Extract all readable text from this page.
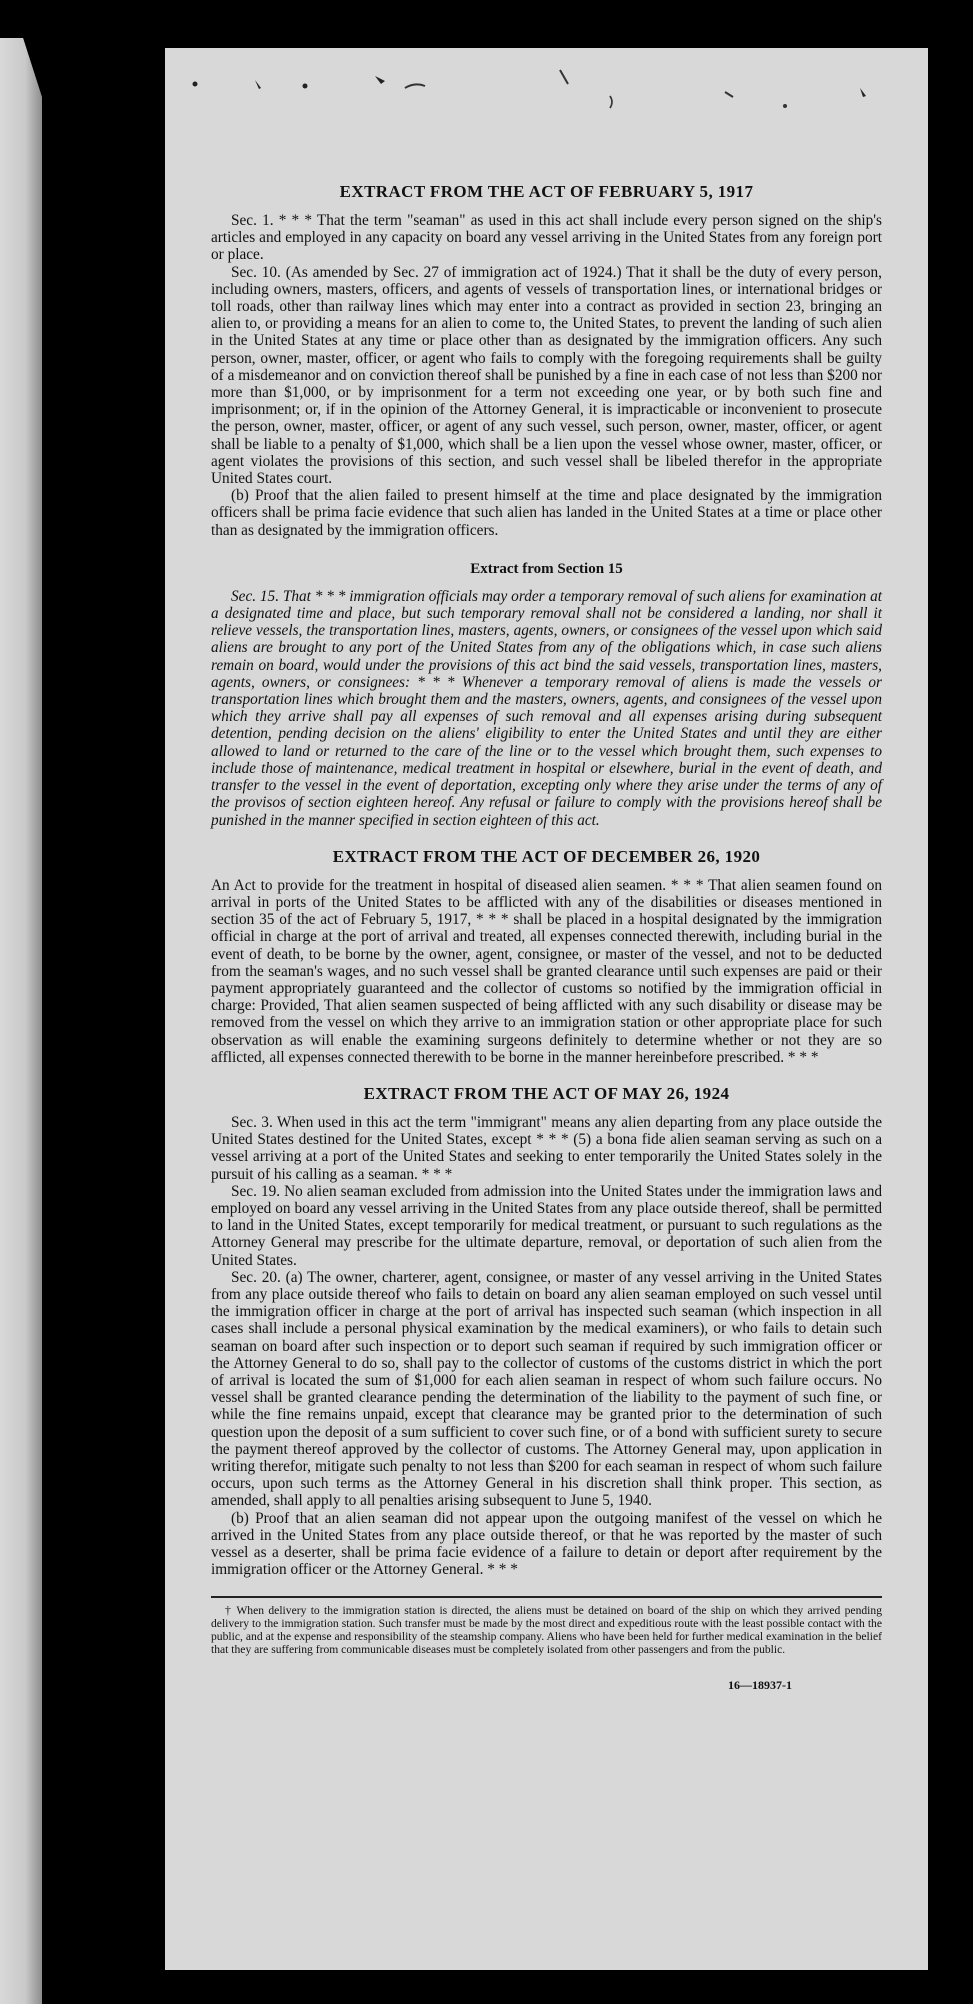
EXTRACT FROM THE ACT OF FEBRUARY 5, 1917

Sec. 1. * * * That the term "seaman" as used in this act shall include every person signed on the ship's articles and employed in any capacity on board any vessel arriving in the United States from any foreign port or place.

Sec. 10. (As amended by Sec. 27 of immigration act of 1924.) That it shall be the duty of every person, including owners, masters, officers, and agents of vessels of transportation lines, or international bridges or toll roads, other than railway lines which may enter into a contract as provided in section 23, bringing an alien to, or providing a means for an alien to come to, the United States, to prevent the landing of such alien in the United States at any time or place other than as designated by the immigration officers. Any such person, owner, master, officer, or agent who fails to comply with the foregoing requirements shall be guilty of a misdemeanor and on conviction thereof shall be punished by a fine in each case of not less than $200 nor more than $1,000, or by imprisonment for a term not exceeding one year, or by both such fine and imprisonment; or, if in the opinion of the Attorney General, it is impracticable or inconvenient to prosecute the person, owner, master, officer, or agent of any such vessel, such person, owner, master, officer, or agent shall be liable to a penalty of $1,000, which shall be a lien upon the vessel whose owner, master, officer, or agent violates the provisions of this section, and such vessel shall be libeled therefor in the appropriate United States court.

(b) Proof that the alien failed to present himself at the time and place designated by the immigration officers shall be prima facie evidence that such alien has landed in the United States at a time or place other than as designated by the immigration officers.

Extract from Section 15

Sec. 15. That * * * immigration officials may order a temporary removal of such aliens for examination at a designated time and place, but such temporary removal shall not be considered a landing, nor shall it relieve vessels, the transportation lines, masters, agents, owners, or consignees of the vessel upon which said aliens are brought to any port of the United States from any of the obligations which, in case such aliens remain on board, would under the provisions of this act bind the said vessels, transportation lines, masters, agents, owners, or consignees: * * * Whenever a temporary removal of aliens is made the vessels or transportation lines which brought them and the masters, owners, agents, and consignees of the vessel upon which they arrive shall pay all expenses of such removal and all expenses arising during subsequent detention, pending decision on the aliens' eligibility to enter the United States and until they are either allowed to land or returned to the care of the line or to the vessel which brought them, such expenses to include those of maintenance, medical treatment in hospital or elsewhere, burial in the event of death, and transfer to the vessel in the event of deportation, excepting only where they arise under the terms of any of the provisos of section eighteen hereof. Any refusal or failure to comply with the provisions hereof shall be punished in the manner specified in section eighteen of this act.

EXTRACT FROM THE ACT OF DECEMBER 26, 1920

An Act to provide for the treatment in hospital of diseased alien seamen. * * * That alien seamen found on arrival in ports of the United States to be afflicted with any of the disabilities or diseases mentioned in section 35 of the act of February 5, 1917, * * * shall be placed in a hospital designated by the immigration official in charge at the port of arrival and treated, all expenses connected therewith, including burial in the event of death, to be borne by the owner, agent, consignee, or master of the vessel, and not to be deducted from the seaman's wages, and no such vessel shall be granted clearance until such expenses are paid or their payment appropriately guaranteed and the collector of customs so notified by the immigration official in charge: Provided, That alien seamen suspected of being afflicted with any such disability or disease may be removed from the vessel on which they arrive to an immigration station or other appropriate place for such observation as will enable the examining surgeons definitely to determine whether or not they are so afflicted, all expenses connected therewith to be borne in the manner hereinbefore prescribed. * * *

EXTRACT FROM THE ACT OF MAY 26, 1924

Sec. 3. When used in this act the term "immigrant" means any alien departing from any place outside the United States destined for the United States, except * * * (5) a bona fide alien seaman serving as such on a vessel arriving at a port of the United States and seeking to enter temporarily the United States solely in the pursuit of his calling as a seaman. * * *

Sec. 19. No alien seaman excluded from admission into the United States under the immigration laws and employed on board any vessel arriving in the United States from any place outside thereof, shall be permitted to land in the United States, except temporarily for medical treatment, or pursuant to such regulations as the Attorney General may prescribe for the ultimate departure, removal, or deportation of such alien from the United States.

Sec. 20. (a) The owner, charterer, agent, consignee, or master of any vessel arriving in the United States from any place outside thereof who fails to detain on board any alien seaman employed on such vessel until the immigration officer in charge at the port of arrival has inspected such seaman (which inspection in all cases shall include a personal physical examination by the medical examiners), or who fails to detain such seaman on board after such inspection or to deport such seaman if required by such immigration officer or the Attorney General to do so, shall pay to the collector of customs of the customs district in which the port of arrival is located the sum of $1,000 for each alien seaman in respect of whom such failure occurs. No vessel shall be granted clearance pending the determination of the liability to the payment of such fine, or while the fine remains unpaid, except that clearance may be granted prior to the determination of such question upon the deposit of a sum sufficient to cover such fine, or of a bond with sufficient surety to secure the payment thereof approved by the collector of customs. The Attorney General may, upon application in writing therefor, mitigate such penalty to not less than $200 for each seaman in respect of whom such failure occurs, upon such terms as the Attorney General in his discretion shall think proper. This section, as amended, shall apply to all penalties arising subsequent to June 5, 1940.

(b) Proof that an alien seaman did not appear upon the outgoing manifest of the vessel on which he arrived in the United States from any place outside thereof, or that he was reported by the master of such vessel as a deserter, shall be prima facie evidence of a failure to detain or deport after requirement by the immigration officer or the Attorney General. * * *

† When delivery to the immigration station is directed, the aliens must be detained on board of the ship on which they arrived pending delivery to the immigration station. Such transfer must be made by the most direct and expeditious route with the least possible contact with the public, and at the expense and responsibility of the steamship company. Aliens who have been held for further medical examination in the belief that they are suffering from communicable diseases must be completely isolated from other passengers and from the public.

16—18937-1
